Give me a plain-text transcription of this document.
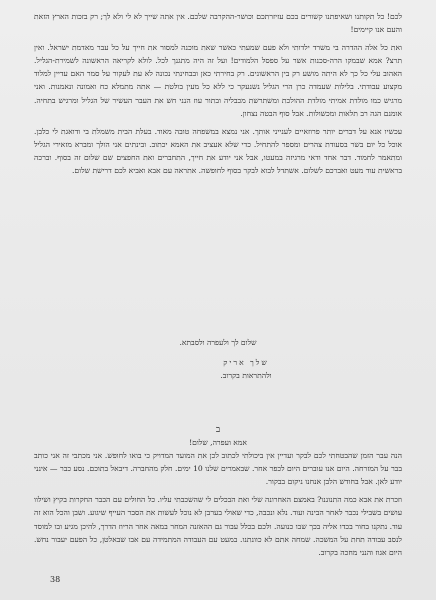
לכם! כל תקותנו ושאיפתנו קשורים בכם עזיזרתכם וכושר-ההקרבה שלכם. אין אתה שייך לא לי ולא לך; רק בזכות הארץ הזאת והעם אנו קיימים!

ואת כל אלה ההדרה בי משרד ילדותי ולא פעם שמעתי כאשר שאת מוכנה למסור את חייך על כל עבר מאדמת ישראל. ואין תרצ? אמא שבמקו הרה-סכנות אשר על ספסל הלמודים! ועל זה היה מתגנך לכל. לולא לקריאה הראשונה לשמירת-הגליל. האהוב עלי כל כך לא היתה מושע רק בין הראשונים. רק בחירתי כאן ובבחינתי נכונה לא עת לעקור על סמר האם עדיין למלוד מקצוע עבודתי. בלילות שעמדה כרן הרי הגליל נשנעקר כי ללא כל מעין בולטת — אתה מתמלא כח ואמונה ונאמנות. ואני מרגיש כמו מולדת אמיתי מולדת ההולכת ומשתרשת מכבליה ובתור עוז הנני חש את העבר העשיר של הגליל ומרגיש בתחיה. אומנם הגה רב תלאות ומכשולות. אבל סוף הבטה נצחון.

עכשיו אנא על דברים יותר פרוזאיים לענייני אותך. אני נמצא במשפחה טובה מאוד. בעלת הבית משמלת בי ודואגת לי כלבן. אוכל כל יום בשר בסעודת צהרים ומספר להתחיל. כדי שלא אעציב את האמא יכתוב. ובינתים אני הולך ומברא מזאירי הגליל ומתאמר לחמוד. דבר אחד ודאי מרגיזה במעטו, אבל אני יודע את חייך, התחברים ואת החפצים שם שלום זה בסוף. וברכה בראשית עוד מעט ואברכם לשלום. אשתדל לבוא לבקר בסוף לחופשה. אתראה עם אבא ואביא לכם דרישת שלום.

שלום לך ולעפרה ולסבתא.
שלך אריק
ולהתראות בקרוב.
ב

אמא ועפרה, שלום!

הנה עבר הזמן שהבטחתי לכם לבקר ועדיין אין ביכולתי לכתוב לכן את המועד המדויק כי בואו לחופש. אני מכתבי זה אני כותב בבר על המזרחה. היום אנו עוברים היום לכפר אחר. שבאמרים שלנו 10 ימים. חלק מהחברה. דיבאל בתוכם. נסע כבר — אינני יודע לאן. אבל בחודש הלבן אנחנו ניקום בבקור.

וזכרת את אבא כמה התנוננו? באמצם האחרונה שלי ואת הבכלים לי שהשכבתי עליו. כל החולים עם הכבר החקרות בקיץ ושילוו עושים בשבילי נכבר לאחר הבינה ועוד. נלא ונכבה, כדי שאולי בערבן לא נוכל לעשות את הסבר העייף שיגוע. ושבן והכל הוא זה עוד. נתקנו בחור בכדו אליה בכך שבו כנועה. ולכם בכלל עבור גם ההאזנה המחר במאה אחר הריוז הדרך, להיכן מגיע ובו למוסד לנסב עבודה תחת על המשכה. שמחה אתם לא כוונתנו. במעט עם העבודה המתמידה עם אבו שבאלטן, כל הפעם יעבור נחש. היום אגוז והנני מחכה בקרוב.

38
